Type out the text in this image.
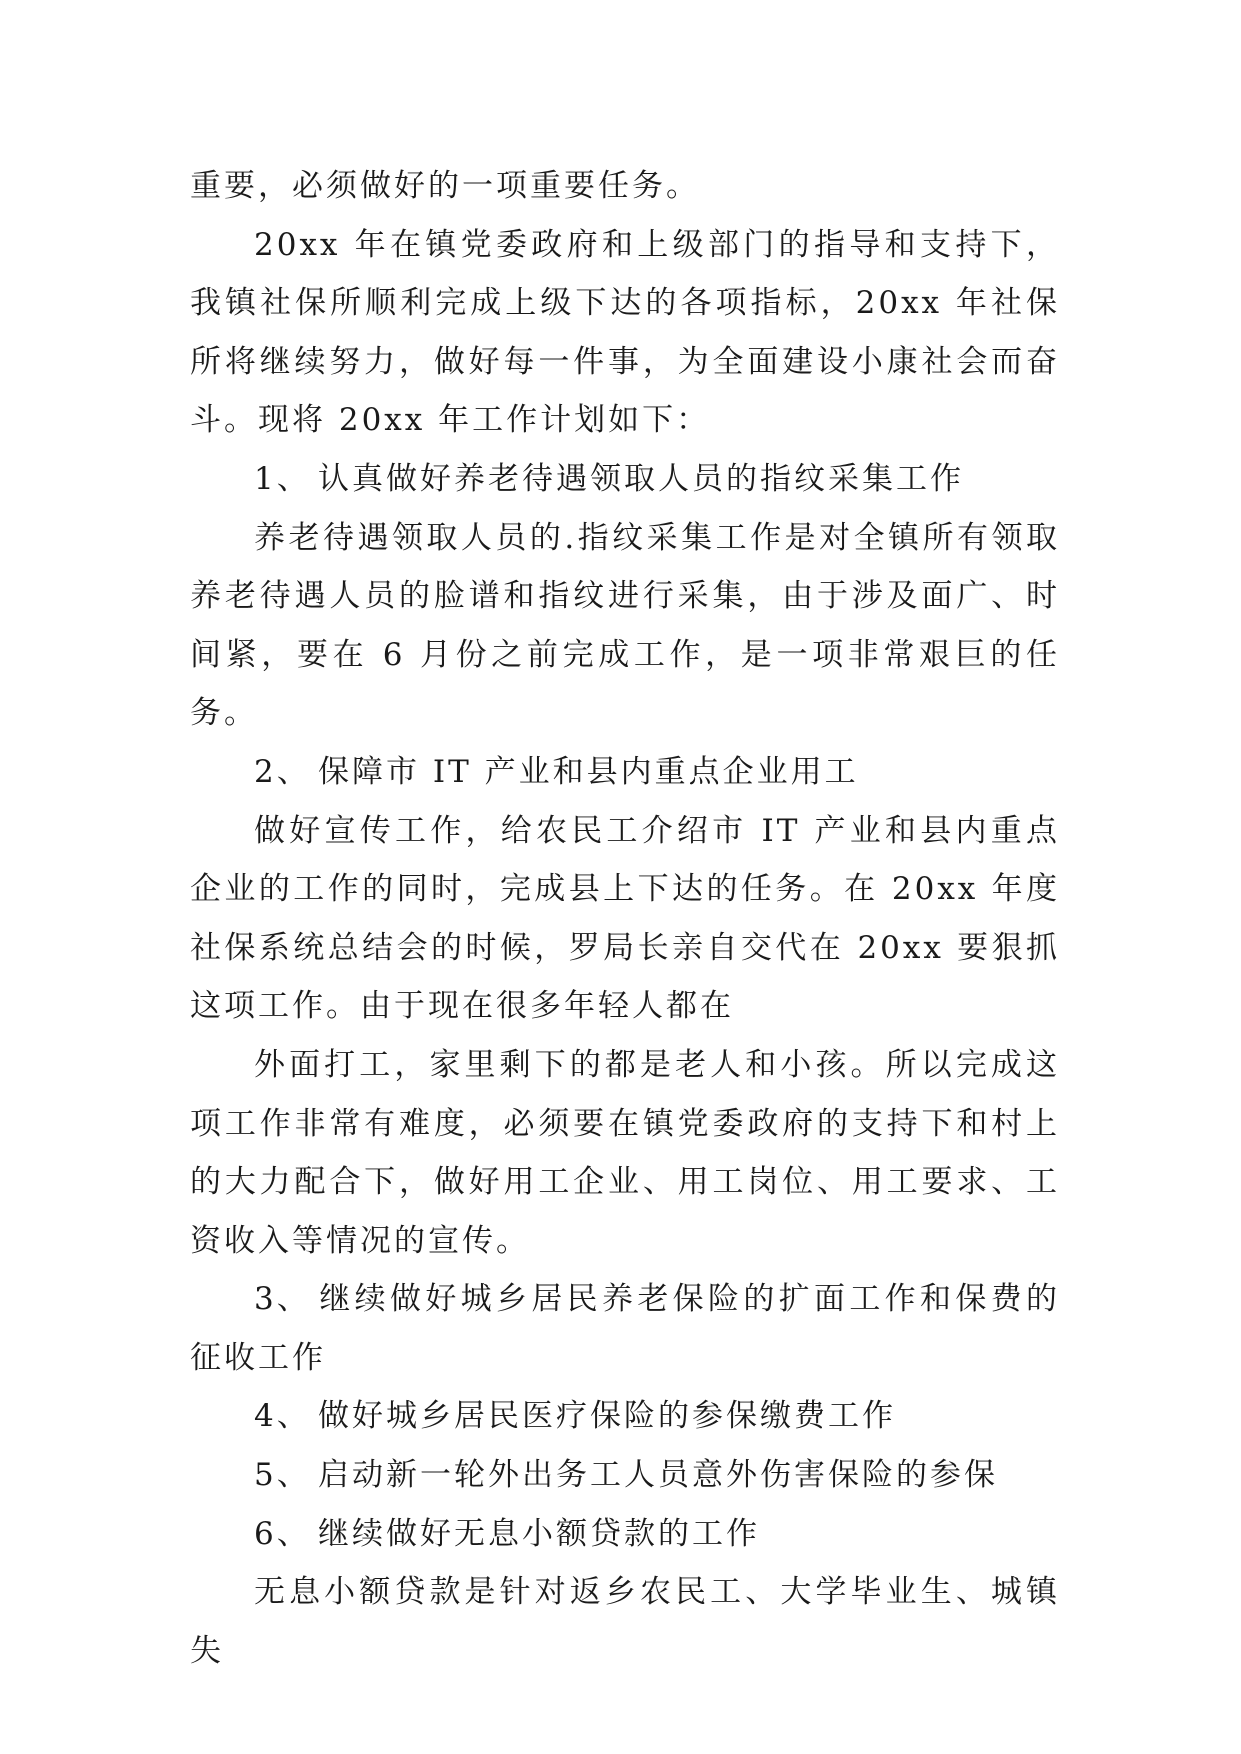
重要，必须做好的一项重要任务。

20xx 年在镇党委政府和上级部门的指导和支持下，我镇社保所顺利完成上级下达的各项指标，20xx 年社保所将继续努力，做好每一件事，为全面建设小康社会而奋斗。现将 20xx 年工作计划如下：

1、 认真做好养老待遇领取人员的指纹采集工作

养老待遇领取人员的.指纹采集工作是对全镇所有领取养老待遇人员的脸谱和指纹进行采集，由于涉及面广、时间紧，要在 6 月份之前完成工作，是一项非常艰巨的任务。

2、 保障市 IT 产业和县内重点企业用工

做好宣传工作，给农民工介绍市 IT 产业和县内重点企业的工作的同时，完成县上下达的任务。在 20xx 年度社保系统总结会的时候，罗局长亲自交代在 20xx 要狠抓这项工作。由于现在很多年轻人都在

外面打工，家里剩下的都是老人和小孩。所以完成这项工作非常有难度，必须要在镇党委政府的支持下和村上的大力配合下，做好用工企业、用工岗位、用工要求、工资收入等情况的宣传。

3、 继续做好城乡居民养老保险的扩面工作和保费的征收工作

4、 做好城乡居民医疗保险的参保缴费工作

5、 启动新一轮外出务工人员意外伤害保险的参保

6、 继续做好无息小额贷款的工作

无息小额贷款是针对返乡农民工、大学毕业生、城镇失
